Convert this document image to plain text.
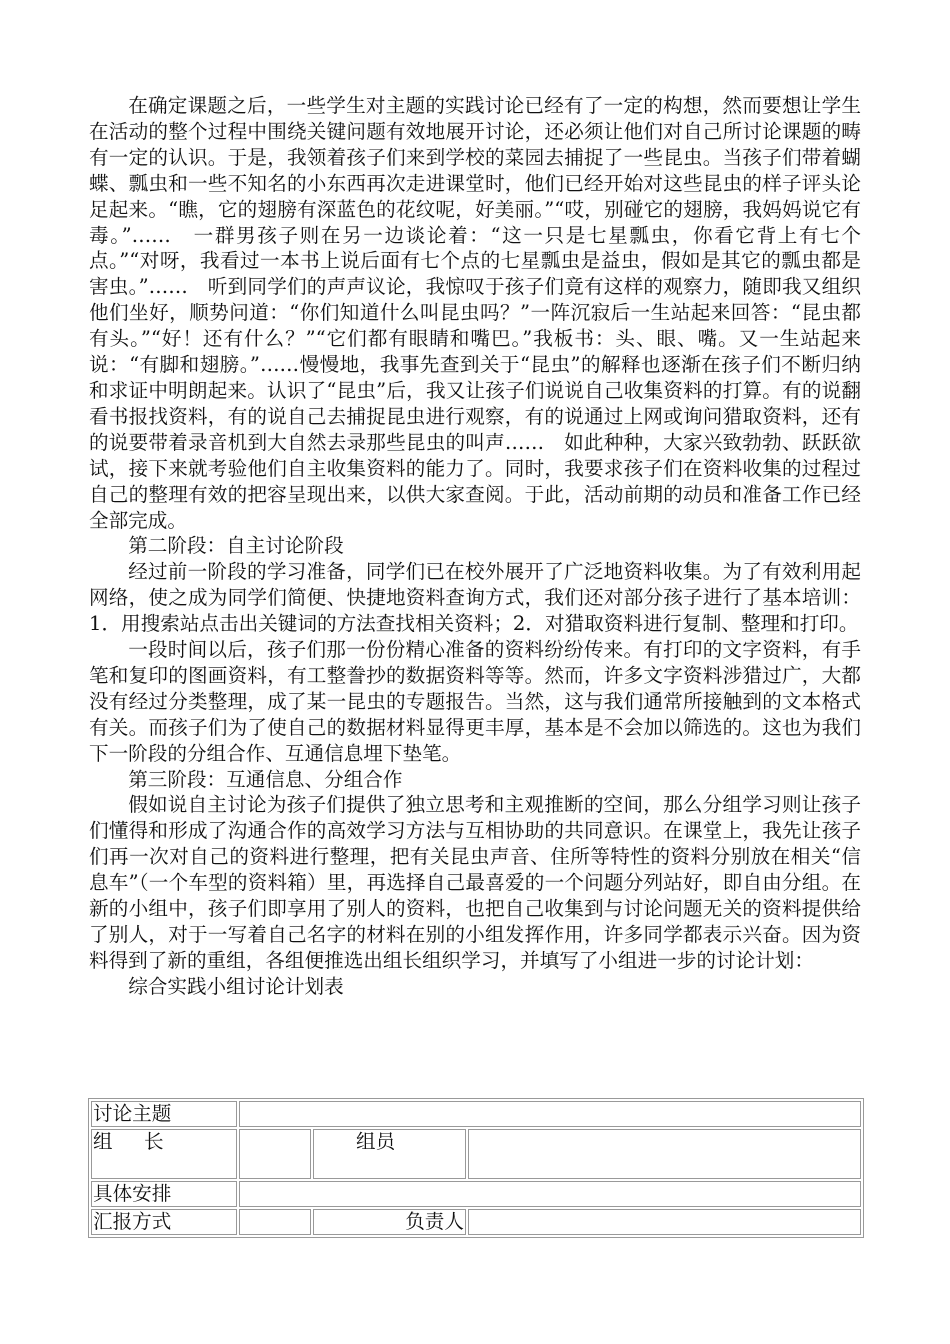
在确定课题之后，一些学生对主题的实践讨论已经有了一定的构想，然而要想让学生在活动的整个过程中围绕关键问题有效地展开讨论，还必须让他们对自己所讨论课题的畴有一定的认识。于是，我领着孩子们来到学校的菜园去捕捉了一些昆虫。当孩子们带着蝴蝶、瓢虫和一些不知名的小东西再次走进课堂时，他们已经开始对这些昆虫的样子评头论足起来。“瞧，它的翅膀有深蓝色的花纹呢，好美丽。”“哎，别碰它的翅膀，我妈妈说它有毒。”……　一群男孩子则在另一边谈论着：“这一只是七星瓢虫，你看它背上有七个点。”“对呀，我看过一本书上说后面有七个点的七星瓢虫是益虫，假如是其它的瓢虫都是害虫。”……　听到同学们的声声议论，我惊叹于孩子们竟有这样的观察力，随即我又组织他们坐好，顺势问道：“你们知道什么叫昆虫吗？”一阵沉寂后一生站起来回答：“昆虫都有头。”“好！还有什么？”“它们都有眼睛和嘴巴。”我板书：头、眼、嘴。又一生站起来说：“有脚和翅膀。”……慢慢地，我事先查到关于“昆虫”的解释也逐渐在孩子们不断归纳和求证中明朗起来。认识了“昆虫”后，我又让孩子们说说自己收集资料的打算。有的说翻看书报找资料，有的说自己去捕捉昆虫进行观察，有的说通过上网或询问猎取资料，还有的说要带着录音机到大自然去录那些昆虫的叫声……　如此种种，大家兴致勃勃、跃跃欲试，接下来就考验他们自主收集资料的能力了。同时，我要求孩子们在资料收集的过程过自己的整理有效的把容呈现出来，以供大家查阅。于此，活动前期的动员和准备工作已经全部完成。

第二阶段：自主讨论阶段

经过前一阶段的学习准备，同学们已在校外展开了广泛地资料收集。为了有效利用起网络，使之成为同学们简便、快捷地资料查询方式，我们还对部分孩子进行了基本培训：1．用搜索站点击出关键词的方法查找相关资料；2．对猎取资料进行复制、整理和打印。

一段时间以后，孩子们那一份份精心准备的资料纷纷传来。有打印的文字资料，有手笔和复印的图画资料，有工整誊抄的数据资料等等。然而，许多文字资料涉猎过广，大都没有经过分类整理，成了某一昆虫的专题报告。当然，这与我们通常所接触到的文本格式有关。而孩子们为了使自己的数据材料显得更丰厚，基本是不会加以筛选的。这也为我们下一阶段的分组合作、互通信息埋下垫笔。

第三阶段：互通信息、分组合作

假如说自主讨论为孩子们提供了独立思考和主观推断的空间，那么分组学习则让孩子们懂得和形成了沟通合作的高效学习方法与互相协助的共同意识。在课堂上，我先让孩子们再一次对自己的资料进行整理，把有关昆虫声音、住所等特性的资料分别放在相关“信息车”（一个车型的资料箱）里，再选择自己最喜爱的一个问题分列站好，即自由分组。在新的小组中，孩子们即享用了别人的资料，也把自己收集到与讨论问题无关的资料提供给了别人，对于一写着自己名字的材料在别的小组发挥作用，许多同学都表示兴奋。因为资料得到了新的重组，各组便推选出组长组织学习，并填写了小组进一步的讨论计划：

综合实践小组讨论计划表

讨论主题			
组长		组员	
具体安排			
汇报方式		负责人	
